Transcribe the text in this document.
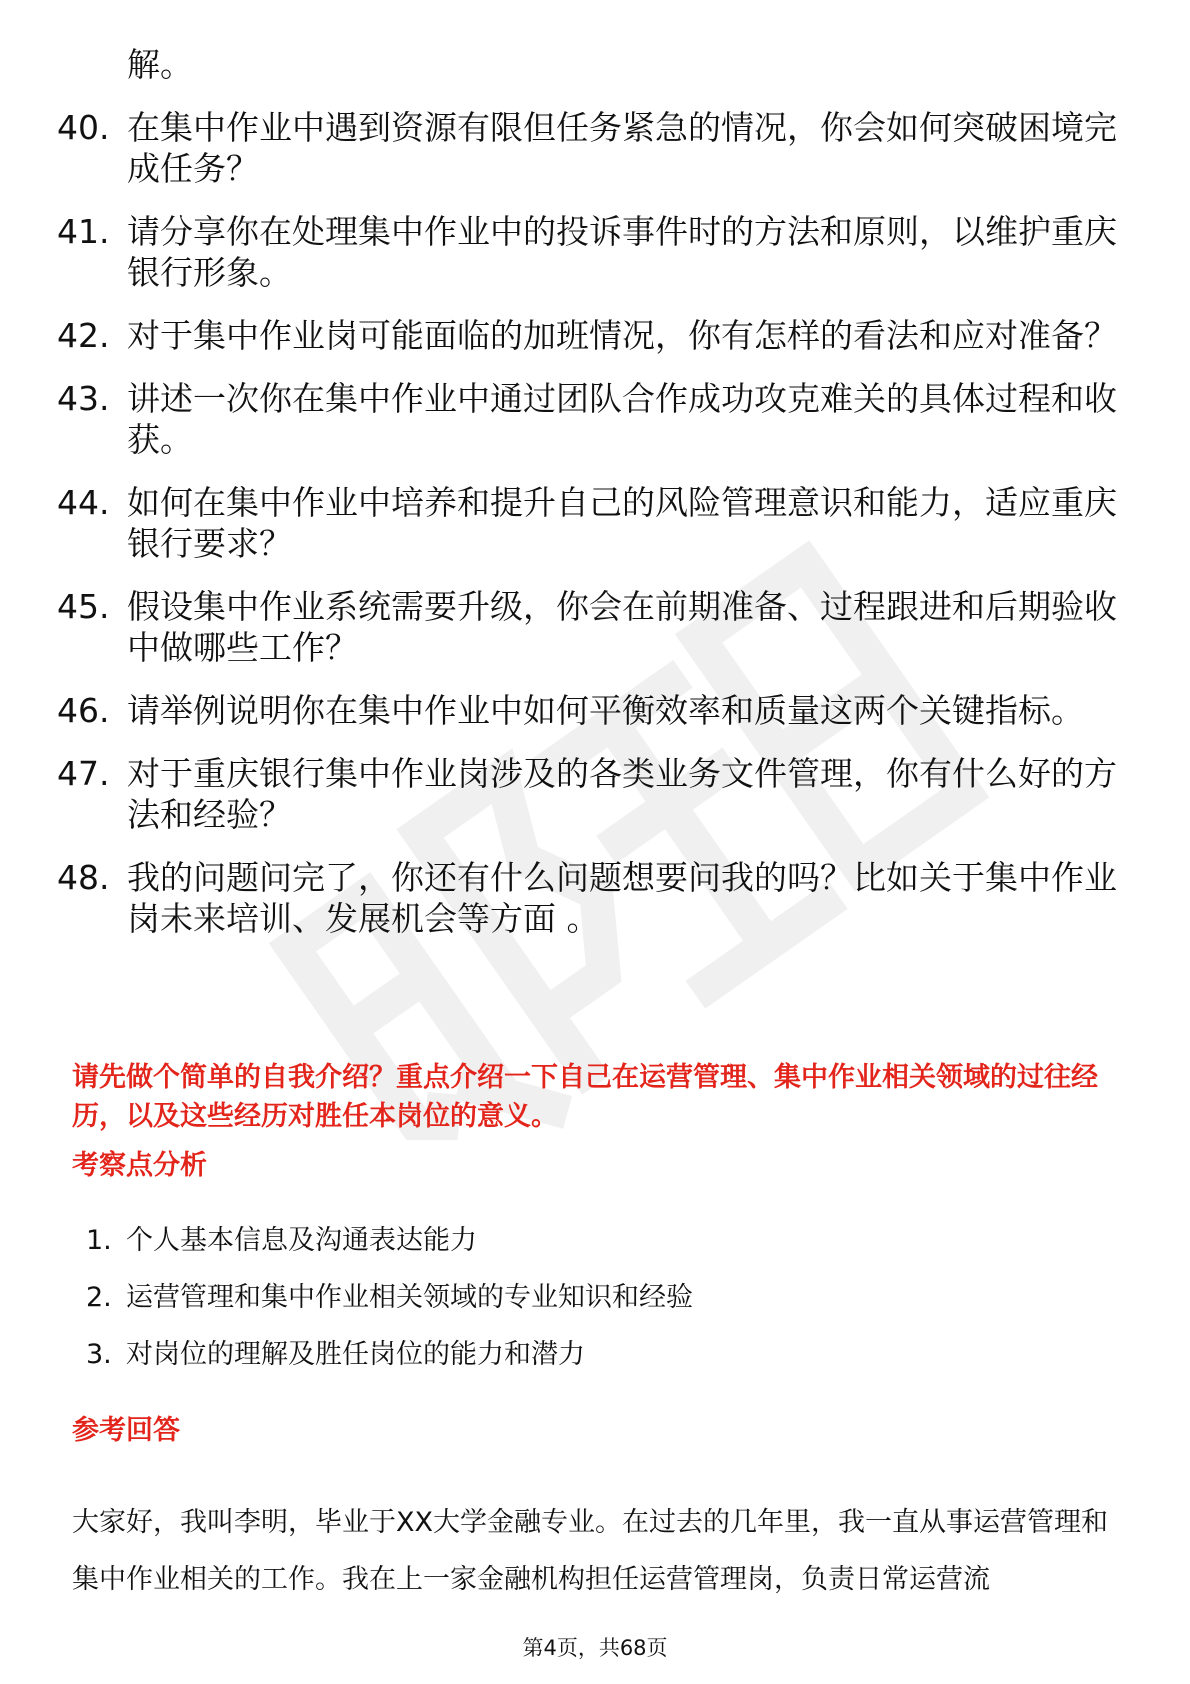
解。
40. 在集中作业中遇到资源有限但任务紧急的情况，你会如何突破困境完成任务？
41. 请分享你在处理集中作业中的投诉事件时的方法和原则，以维护重庆银行形象。
42. 对于集中作业岗可能面临的加班情况，你有怎样的看法和应对准备？
43. 讲述一次你在集中作业中通过团队合作成功攻克难关的具体过程和收获。
44. 如何在集中作业中培养和提升自己的风险管理意识和能力，适应重庆银行要求？
45. 假设集中作业系统需要升级，你会在前期准备、过程跟进和后期验收中做哪些工作？
46. 请举例说明你在集中作业中如何平衡效率和质量这两个关键指标。
47. 对于重庆银行集中作业岗涉及的各类业务文件管理，你有什么好的方法和经验？
48. 我的问题问完了，你还有什么问题想要问我的吗？比如关于集中作业岗未来培训、发展机会等方面 。

请先做个简单的自我介绍？重点介绍一下自己在运营管理、集中作业相关领域的过往经历，以及这些经历对胜任本岗位的意义。

考察点分析
1. 个人基本信息及沟通表达能力
2. 运营管理和集中作业相关领域的专业知识和经验
3. 对岗位的理解及胜任岗位的能力和潜力
参考回答

大家好，我叫李明，毕业于XX大学金融专业。在过去的几年里，我一直从事运营管理和集中作业相关的工作。我在上一家金融机构担任运营管理岗，负责日常运营流

第4页，共68页
